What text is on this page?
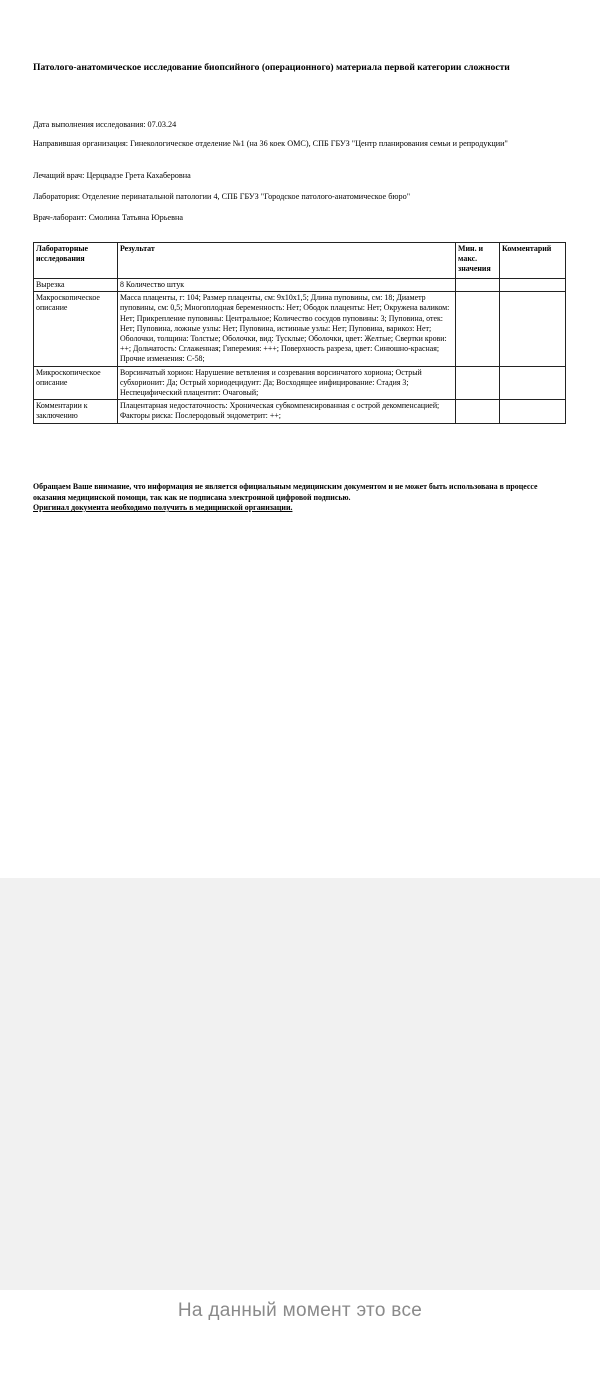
Патолого-анатомическое исследование биопсийного (операционного) материала первой категории сложности
Дата выполнения исследования: 07.03.24
Направившая организация: Гинекологическое отделение №1 (на 36 коек ОМС), СПБ ГБУЗ "Центр планирования семьи и репродукции"
Лечащий врач: Церцвадзе Грета Кахаберовна
Лаборатория: Отделение перинатальной патологии 4, СПБ ГБУЗ "Городское патолого-анатомическое бюро"
Врач-лаборант: Смолина Татьяна Юрьевна
Лабораторные исследования	Результат	Мин. и макс. значения	Комментарий
Вырезка	8 Количество штук		
Макроскопическое описание	Масса плаценты, г: 104; Размер плаценты, см: 9х10х1,5; Длина пуповины, см: 18; Диаметр пуповины, см: 0,5; Многоплодная беременность: Нет; Ободок плаценты: Нет; Окружена валиком: Нет; Прикрепление пуповины: Центральное; Количество сосудов пуповины: 3; Пуповина, отек: Нет; Пуповина, ложные узлы: Нет; Пуповина, истинные узлы: Нет; Пуповина, варикоз: Нет; Оболочки, толщина: Толстые; Оболочки, вид: Тусклые; Оболочки, цвет: Желтые; Свертки крови: ++; Дольчатость: Сглаженная; Гиперемия: +++; Поверхность разреза, цвет: Синюшно-красная; Прочие изменения: С-58;		
Микроскопическое описание	Ворсинчатый хорион: Нарушение ветвления и созревания ворсинчатого хориона; Острый субхорионит: Да; Острый хориодецидуит: Да; Восходящее инфицирование: Стадия 3; Неспецифический плацентит: Очаговый;		
Комментарии к заключению	Плацентарная недостаточность: Хроническая субкомпенсированная с острой декомпенсацией; Факторы риска: Послеродовый эндометрит: ++;		
Обращаем Ваше внимание, что информация не является официальным медицинским документом и не может быть использована в процессе оказания медицинской помощи, так как не подписана электронной цифровой подписью.
Оригинал документа необходимо получить в медицинской организации.
На данный момент это все
